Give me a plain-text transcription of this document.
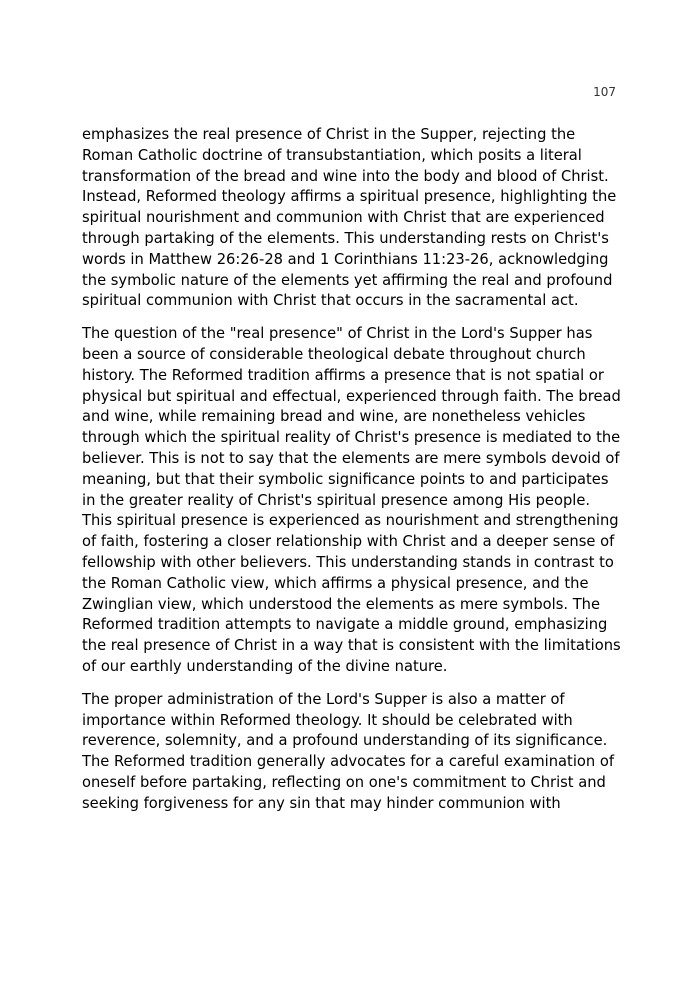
107

emphasizes the real presence of Christ in the Supper, rejecting the Roman Catholic doctrine of transubstantiation, which posits a literal transformation of the bread and wine into the body and blood of Christ. Instead, Reformed theology affirms a spiritual presence, highlighting the spiritual nourishment and communion with Christ that are experienced through partaking of the elements. This understanding rests on Christ's words in Matthew 26:26-28 and 1 Corinthians 11:23-26, acknowledging the symbolic nature of the elements yet affirming the real and profound spiritual communion with Christ that occurs in the sacramental act.

The question of the "real presence" of Christ in the Lord's Supper has been a source of considerable theological debate throughout church history. The Reformed tradition affirms a presence that is not spatial or physical but spiritual and effectual, experienced through faith. The bread and wine, while remaining bread and wine, are nonetheless vehicles through which the spiritual reality of Christ's presence is mediated to the believer. This is not to say that the elements are mere symbols devoid of meaning, but that their symbolic significance points to and participates in the greater reality of Christ's spiritual presence among His people. This spiritual presence is experienced as nourishment and strengthening of faith, fostering a closer relationship with Christ and a deeper sense of fellowship with other believers. This understanding stands in contrast to the Roman Catholic view, which affirms a physical presence, and the Zwinglian view, which understood the elements as mere symbols. The Reformed tradition attempts to navigate a middle ground, emphasizing the real presence of Christ in a way that is consistent with the limitations of our earthly understanding of the divine nature.

The proper administration of the Lord's Supper is also a matter of importance within Reformed theology. It should be celebrated with reverence, solemnity, and a profound understanding of its significance. The Reformed tradition generally advocates for a careful examination of oneself before partaking, reflecting on one's commitment to Christ and seeking forgiveness for any sin that may hinder communion with
